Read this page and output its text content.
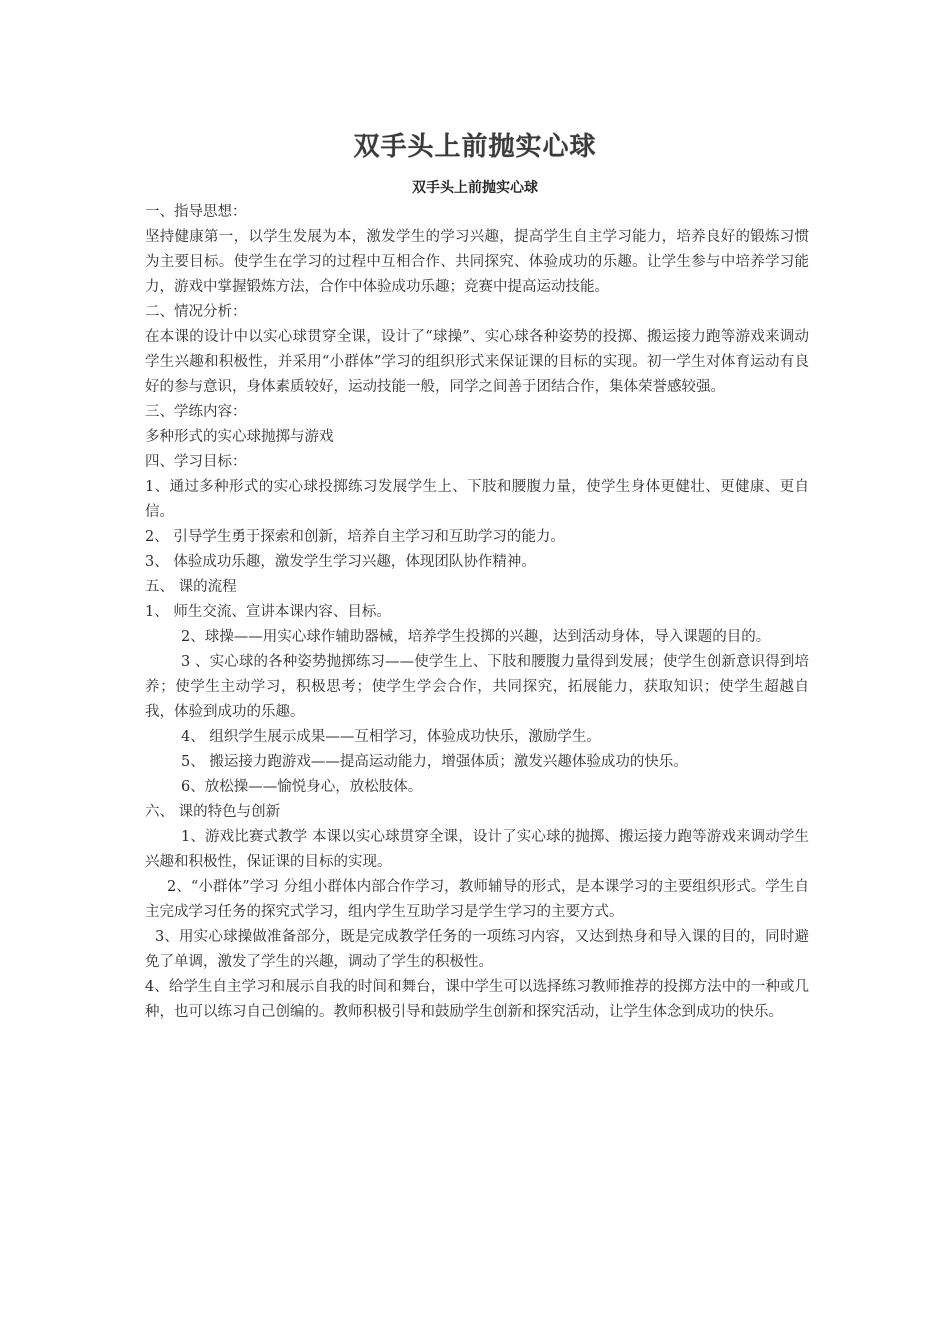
双手头上前抛实心球
双手头上前抛实心球

一、指导思想：

坚持健康第一，以学生发展为本，激发学生的学习兴趣，提高学生自主学习能力，培养良好的锻炼习惯为主要目标。使学生在学习的过程中互相合作、共同探究、体验成功的乐趣。让学生参与中培养学习能力，游戏中掌握锻炼方法，合作中体验成功乐趣；竞赛中提高运动技能。

二、情况分析：

在本课的设计中以实心球贯穿全课，设计了“球操”、实心球各种姿势的投掷、搬运接力跑等游戏来调动学生兴趣和积极性，并采用“小群体”学习的组织形式来保证课的目标的实现。初一学生对体育运动有良好的参与意识，身体素质较好，运动技能一般，同学之间善于团结合作，集体荣誉感较强。

三、学练内容：

多种形式的实心球抛掷与游戏

四、学习目标：

1、通过多种形式的实心球投掷练习发展学生上、下肢和腰腹力量，使学生身体更健壮、更健康、更自信。

2、 引导学生勇于探索和创新，培养自主学习和互助学习的能力。

3、 体验成功乐趣，激发学生学习兴趣，体现团队协作精神。

五、 课的流程

1、 师生交流、宣讲本课内容、目标。

2、球操——用实心球作辅助器械，培养学生投掷的兴趣，达到活动身体，导入课题的目的。

3 、实心球的各种姿势抛掷练习——使学生上、下肢和腰腹力量得到发展；使学生创新意识得到培养；使学生主动学习，积极思考；使学生学会合作，共同探究，拓展能力，获取知识；使学生超越自我，体验到成功的乐趣。

4、 组织学生展示成果——互相学习，体验成功快乐，激励学生。

5、 搬运接力跑游戏——提高运动能力，增强体质；激发兴趣体验成功的快乐。

6、放松操——愉悦身心，放松肢体。

六、 课的特色与创新

1、游戏比赛式教学 本课以实心球贯穿全课，设计了实心球的抛掷、搬运接力跑等游戏来调动学生兴趣和积极性，保证课的目标的实现。

2、“小群体”学习 分组小群体内部合作学习，教师辅导的形式，是本课学习的主要组织形式。学生自主完成学习任务的探究式学习，组内学生互助学习是学生学习的主要方式。

3、用实心球操做准备部分，既是完成教学任务的一项练习内容，又达到热身和导入课的目的，同时避免了单调，激发了学生的兴趣，调动了学生的积极性。

4、给学生自主学习和展示自我的时间和舞台，课中学生可以选择练习教师推荐的投掷方法中的一种或几种，也可以练习自己创编的。教师积极引导和鼓励学生创新和探究活动，让学生体念到成功的快乐。
